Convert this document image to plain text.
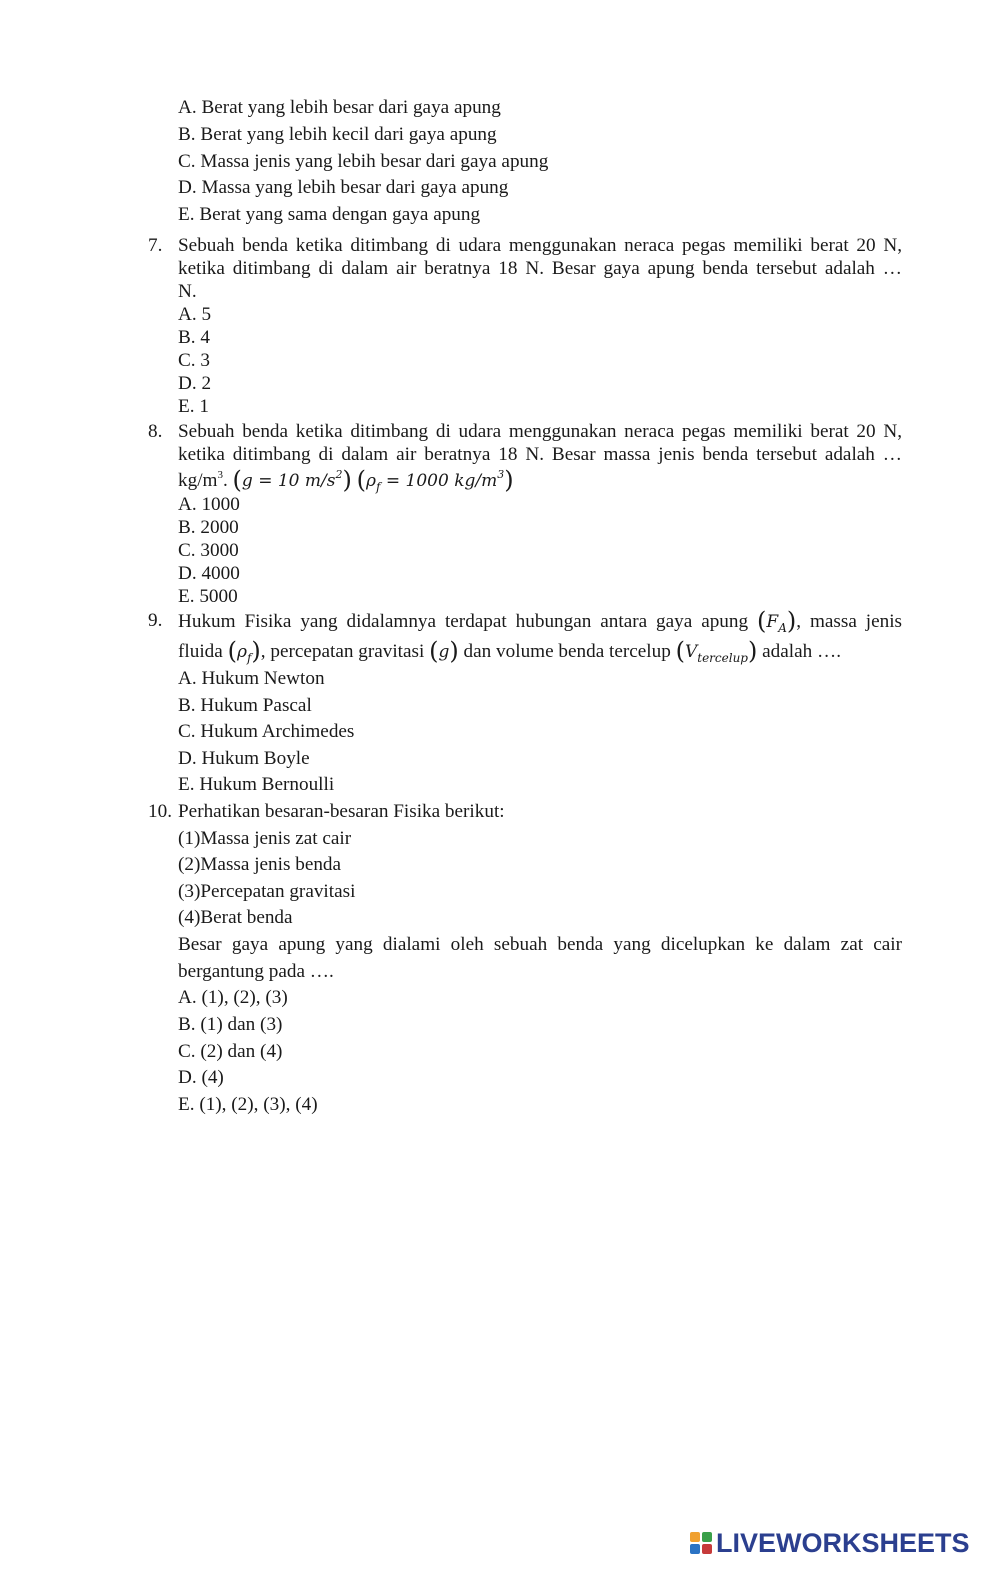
A. Berat yang lebih besar dari gaya apung
B. Berat yang lebih kecil dari gaya apung
C. Massa jenis yang lebih besar dari gaya apung
D. Massa yang lebih besar dari gaya apung
E. Berat yang sama dengan gaya apung
7. Sebuah benda ketika ditimbang di udara menggunakan neraca pegas memiliki berat 20 N,
ketika ditimbang di dalam air beratnya 18 N. Besar gaya apung benda tersebut adalah …
N.
A. 5
B. 4
C. 3
D. 2
E. 1
8. Sebuah benda ketika ditimbang di udara menggunakan neraca pegas memiliki berat 20 N,
ketika ditimbang di dalam air beratnya 18 N. Besar massa jenis benda tersebut adalah …
$kg/m^3$. (g = 10 $m/s^2$) ($\rho_f = 1000$ $kg/m^3$)
A. 1000
B. 2000
C. 3000
D. 4000
E. 5000
9. Hukum Fisika yang didalamnya terdapat hubungan antara gaya apung $(F_A)$, massa jenis
fluida $(\rho_f)$, percepatan gravitasi (g) dan volume benda tercelup $(V_{tercelup})$ adalah ….
A. Hukum Newton
B. Hukum Pascal
C. Hukum Archimedes
D. Hukum Boyle
E. Hukum Bernoulli
10. Perhatikan besaran-besaran Fisika berikut:
(1)Massa jenis zat cair
(2)Massa jenis benda
(3)Percepatan gravitasi
(4)Berat benda
Besar gaya apung yang dialami oleh sebuah benda yang dicelupkan ke dalam zat cair
bergantung pada ….
A. (1), (2), (3)
B. (1) dan (3)
C. (2) dan (4)
D. (4)
E. (1), (2), (3), (4)
LIVEWORKSHEETS
